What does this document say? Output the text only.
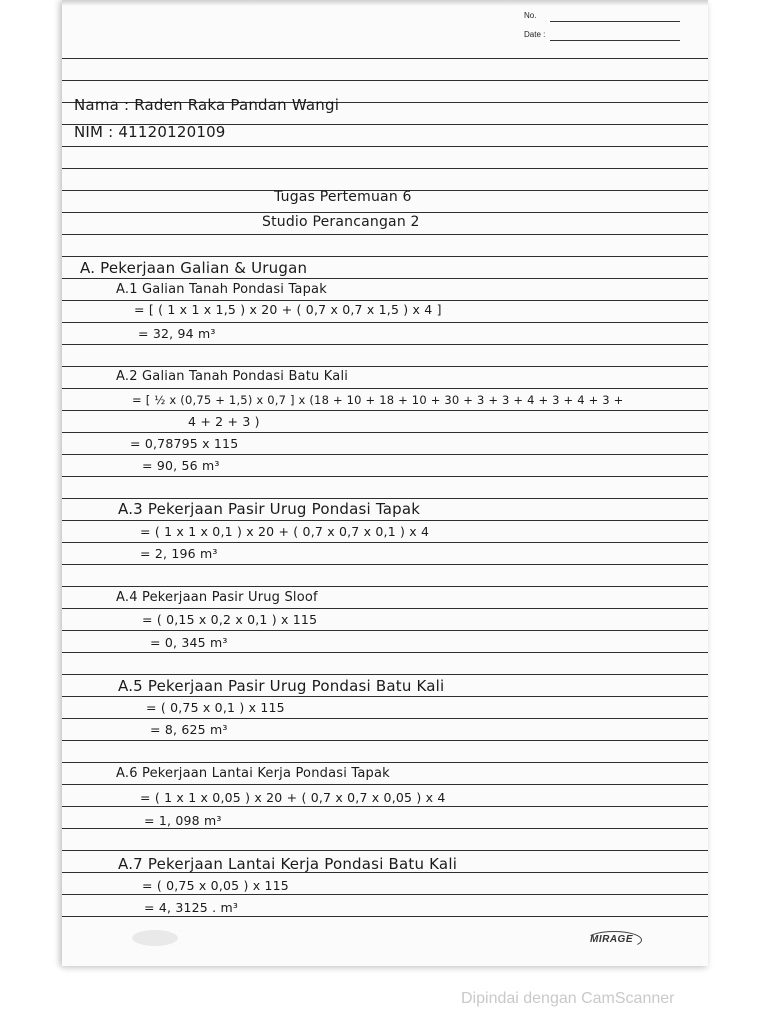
No.
Date :
Nama : Raden Raka Pandan Wangi
NIM : 41120120109
Tugas Pertemuan 6
Studio Perancangan 2
A. Pekerjaan Galian & Urugan
A.1 Galian Tanah Pondasi Tapak
= [ ( 1 x 1 x 1,5 ) x 20 + ( 0,7 x 0,7 x 1,5 ) x 4 ]
= 32, 94 m³
A.2 Galian Tanah Pondasi Batu Kali
= [ ½ x (0,75 + 1,5) x 0,7 ] x (18 + 10 + 18 + 10 + 30 + 3 + 3 + 4 + 3 + 4 + 3 +
4 + 2 + 3 )
= 0,78795 x 115
= 90, 56 m³
A.3 Pekerjaan Pasir Urug Pondasi Tapak
= ( 1 x 1 x 0,1 ) x 20 + ( 0,7 x 0,7 x 0,1 ) x 4
= 2, 196 m³
A.4 Pekerjaan Pasir Urug Sloof
= ( 0,15 x 0,2 x 0,1 ) x 115
= 0, 345 m³
A.5 Pekerjaan Pasir Urug Pondasi Batu Kali
= ( 0,75 x 0,1 ) x 115
= 8, 625 m³
A.6 Pekerjaan Lantai Kerja Pondasi Tapak
= ( 1 x 1 x 0,05 ) x 20 + ( 0,7 x 0,7 x 0,05 ) x 4
= 1, 098 m³
A.7 Pekerjaan Lantai Kerja Pondasi Batu Kali
= ( 0,75 x 0,05 ) x 115
= 4, 3125 . m³
MIRAGE
Dipindai dengan CamScanner
